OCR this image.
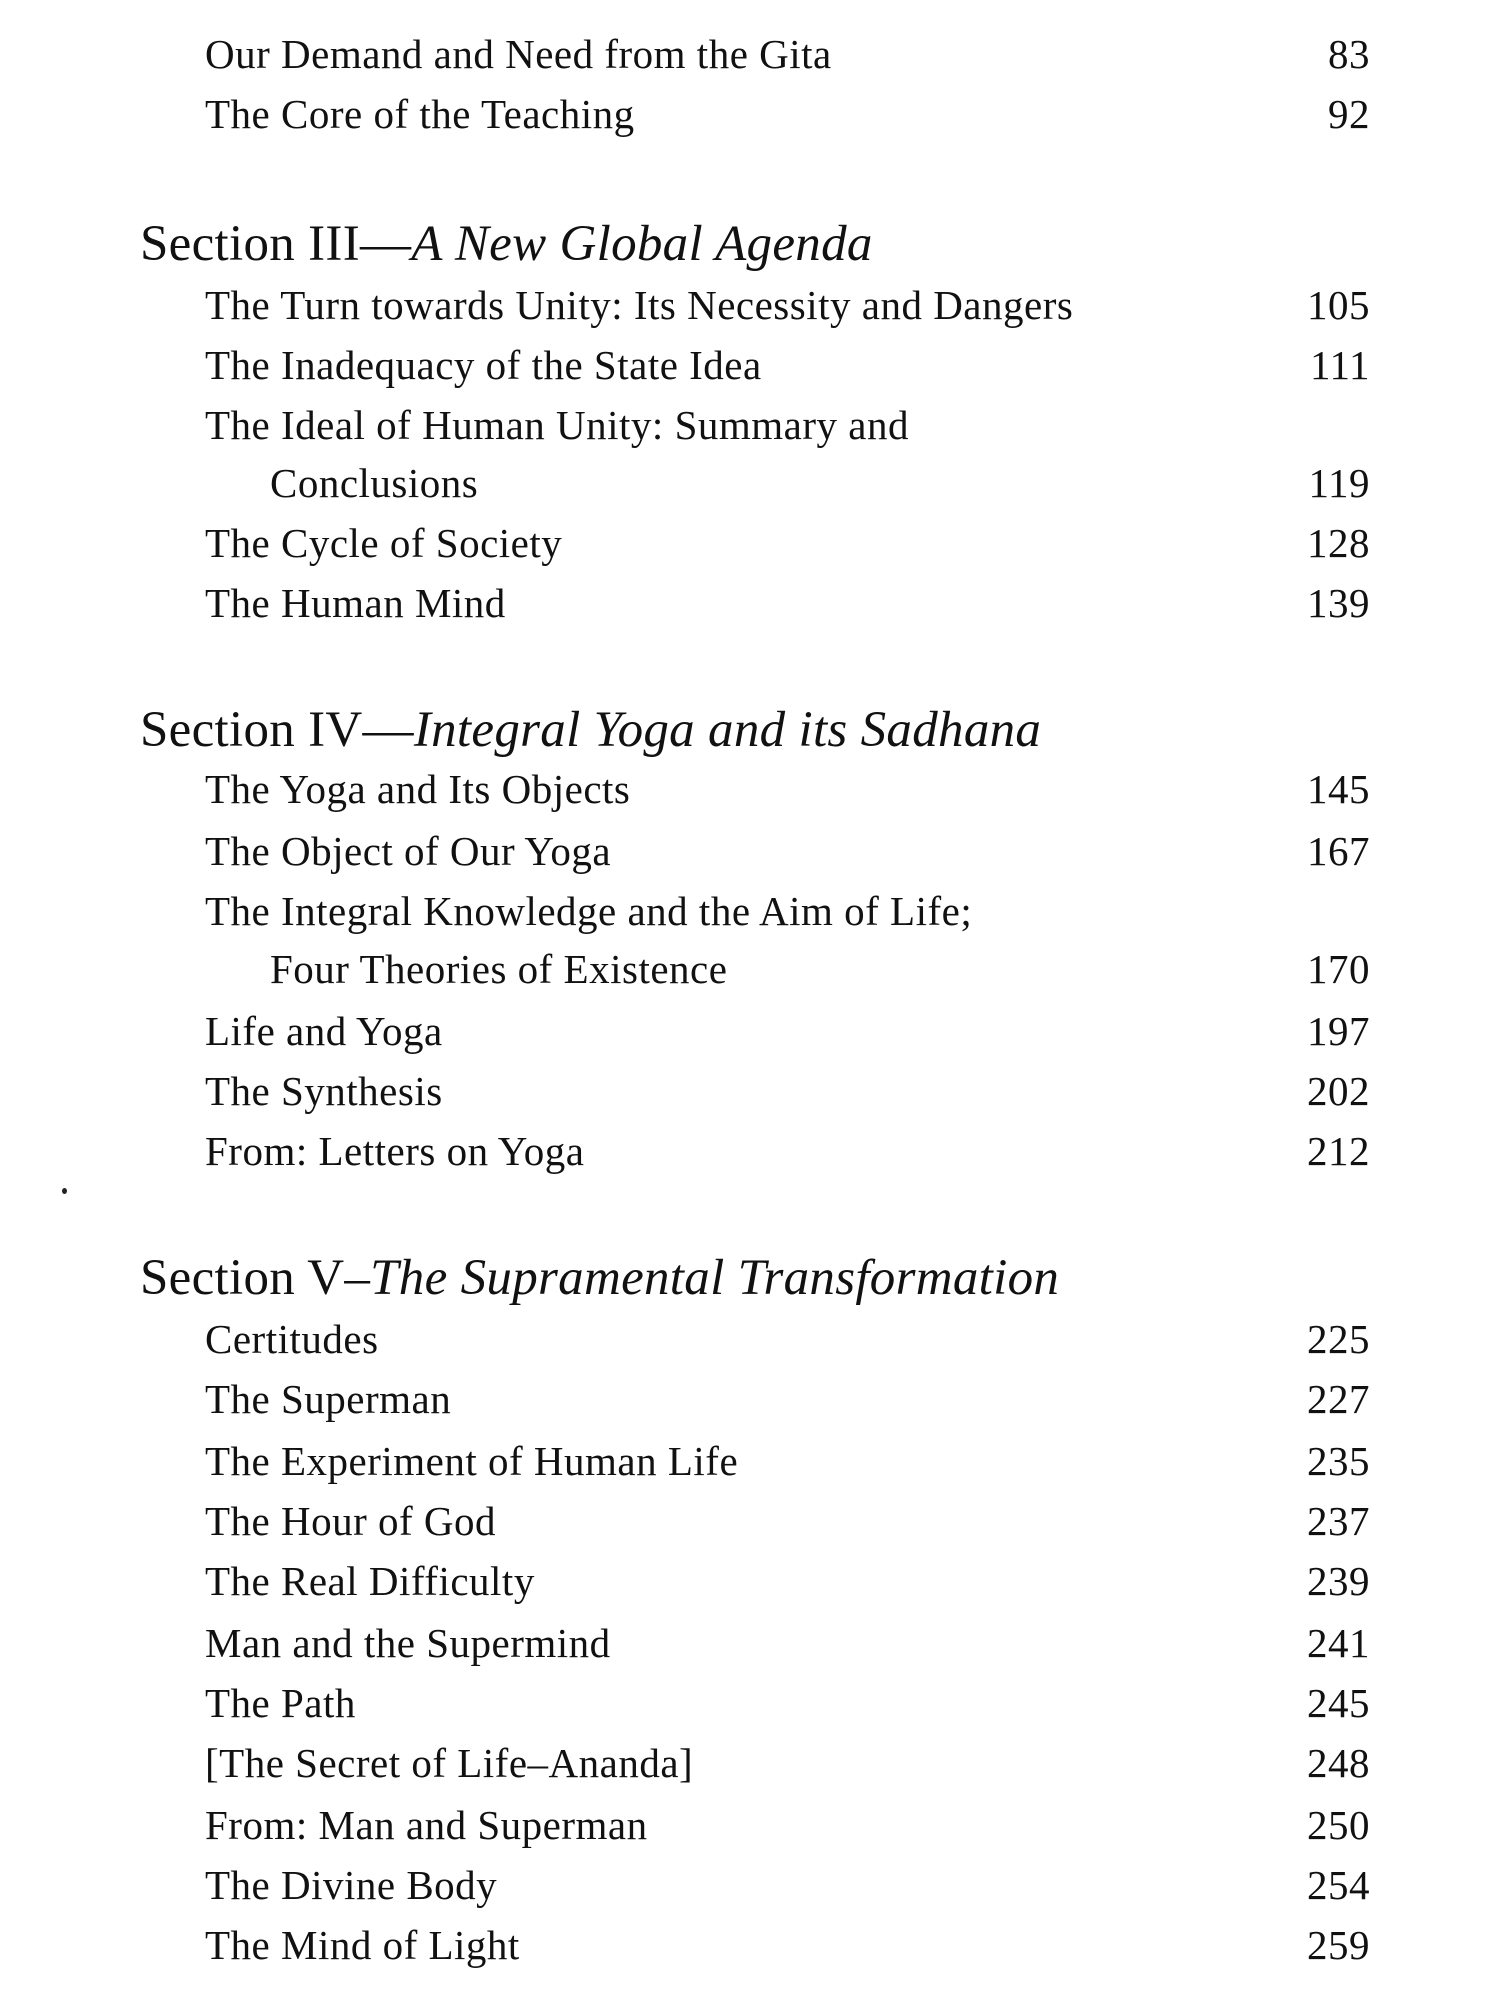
Our Demand and Need from the Gita	83
The Core of the Teaching	92
Section III—A New Global Agenda
The Turn towards Unity: Its Necessity and Dangers	105
The Inadequacy of the State Idea	111
The Ideal of Human Unity: Summary and
Conclusions	119
The Cycle of Society	128
The Human Mind	139
Section IV—Integral Yoga and its Sadhana
The Yoga and Its Objects	145
The Object of Our Yoga	167
The Integral Knowledge and the Aim of Life;
Four Theories of Existence	170
Life and Yoga	197
The Synthesis	202
From: Letters on Yoga	212
Section V–The Supramental Transformation
Certitudes	225
The Superman	227
The Experiment of Human Life	235
The Hour of God	237
The Real Difficulty	239
Man and the Supermind	241
The Path	245
[The Secret of Life–Ananda]	248
From: Man and Superman	250
The Divine Body	254
The Mind of Light	259
